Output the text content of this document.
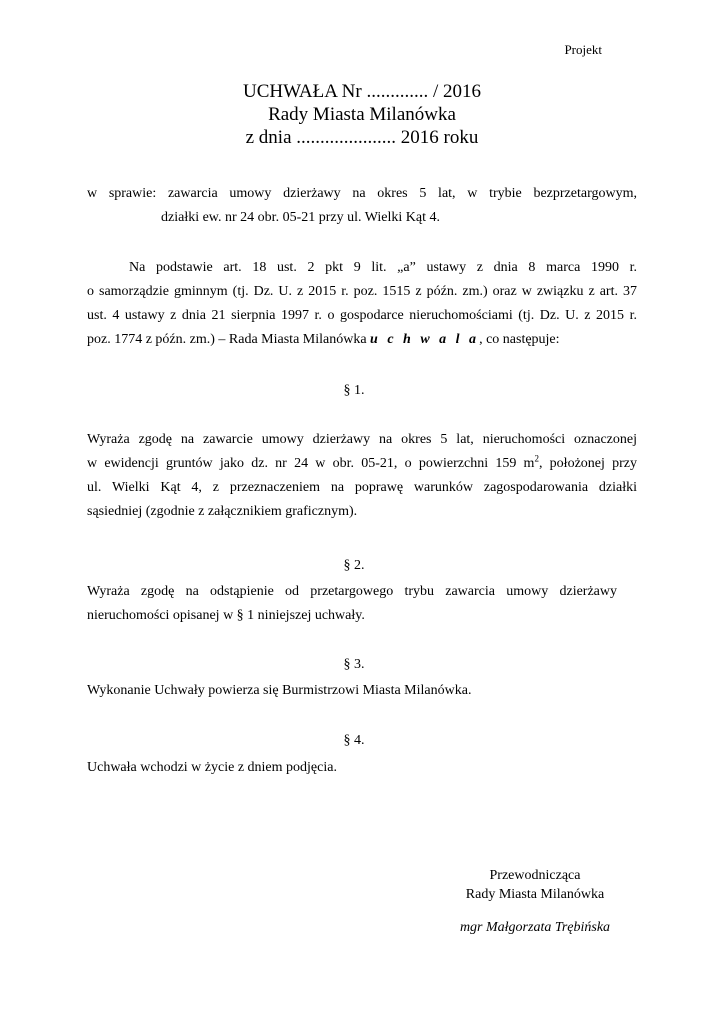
Projekt
UCHWAŁA Nr ............. / 2016
Rady Miasta Milanówka
z dnia ..................... 2016 roku
w sprawie: zawarcia umowy dzierżawy na okres 5 lat, w trybie bezprzetargowym,
działki ew. nr 24 obr. 05-21 przy ul. Wielki Kąt 4.
Na podstawie art. 18 ust. 2 pkt 9 lit. „a” ustawy z dnia 8 marca 1990 r.
o samorządzie gminnym (tj. Dz. U. z 2015 r. poz. 1515 z późn. zm.) oraz w związku z art. 37
ust. 4 ustawy z dnia 21 sierpnia 1997 r. o gospodarce nieruchomościami (tj. Dz. U. z 2015 r.
poz. 1774 z późn. zm.) – Rada Miasta Milanówka u c h w a l a, co następuje:
§ 1.
Wyraża zgodę na zawarcie umowy dzierżawy na okres 5 lat, nieruchomości oznaczonej
w ewidencji gruntów jako dz. nr 24 w obr. 05-21, o powierzchni 159 $m^2$, położonej przy
ul. Wielki Kąt 4, z przeznaczeniem na poprawę warunków zagospodarowania działki
sąsiedniej (zgodnie z załącznikiem graficznym).
§ 2.
Wyraża zgodę na odstąpienie od przetargowego trybu zawarcia umowy dzierżawy
nieruchomości opisanej w § 1 niniejszej uchwały.
§ 3.
Wykonanie Uchwały powierza się Burmistrzowi Miasta Milanówka.
§ 4.
Uchwała wchodzi w życie z dniem podjęcia.
Przewodnicząca
Rady Miasta Milanówka
mgr Małgorzata Trębińska
